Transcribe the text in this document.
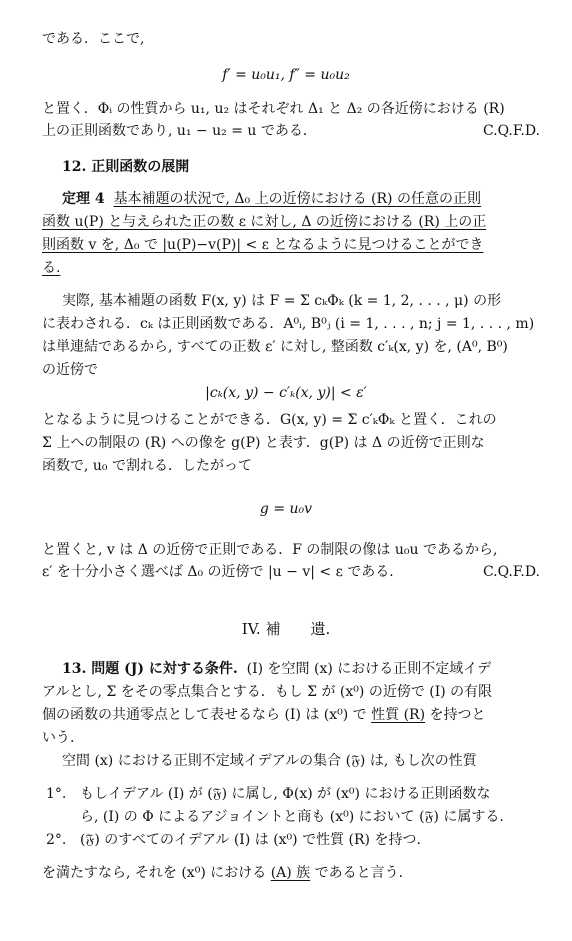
である．ここで,
f′ = u₀u₁, f″ = u₀u₂
と置く．Φᵢ の性質から u₁, u₂ はそれぞれ Δ₁ と Δ₂ の各近傍における (R)
上の正則函数であり, u₁ − u₂ = u である．	C.Q.F.D.
12. 正則函数の展開
定理 4 基本補題の状況で, Δ₀ 上の近傍における (R) の任意の正則
函数 u(P) と与えられた正の数 ε に対し, Δ の近傍における (R) 上の正
則函数 v を, Δ₀ で |u(P)−v(P)| < ε となるように見つけることができ
る.
実際, 基本補題の函数 F(x, y) は F = Σ cₖΦₖ (k = 1, 2, . . . , μ) の形
に表わされる．cₖ は正則函数である．A⁰ᵢ, B⁰ⱼ (i = 1, . . . , n; j = 1, . . . , m)
は単連結であるから, すべての正数 ε′ に対し, 整函数 c′ₖ(x, y) を, (A⁰, B⁰)
の近傍で
|cₖ(x, y) − c′ₖ(x, y)| < ε′
となるように見つけることができる．G(x, y) = Σ c′ₖΦₖ と置く．これの
Σ 上への制限の (R) への像を g(P) と表す．g(P) は Δ の近傍で正則な
函数で, u₀ で割れる．したがって
g = u₀v
と置くと, v は Δ の近傍で正則である．F の制限の像は u₀u であるから,
ε′ を十分小さく選べば Δ₀ の近傍で |u − v| < ε である．	C.Q.F.D.
IV. 補　　遺.
13. 問題 (J) に対する条件. (I) を空間 (x) における正則不定域イデ
アルとし, Σ をその零点集合とする．もし Σ が (x⁰) の近傍で (I) の有限
個の函数の共通零点として表せるなら (I) は (x⁰) で 性質 (R) を持つと
いう.
空間 (x) における正則不定域イデアルの集合 (𝔉) は, もし次の性質
1°. もしイデアル (I) が (𝔉) に属し, Φ(x) が (x⁰) における正則函数な
ら, (I) の Φ によるアジョイントと商も (x⁰) において (𝔉) に属する.
2°. (𝔉) のすべてのイデアル (I) は (x⁰) で性質 (R) を持つ.
を満たすなら, それを (x⁰) における (A) 族 であると言う.
